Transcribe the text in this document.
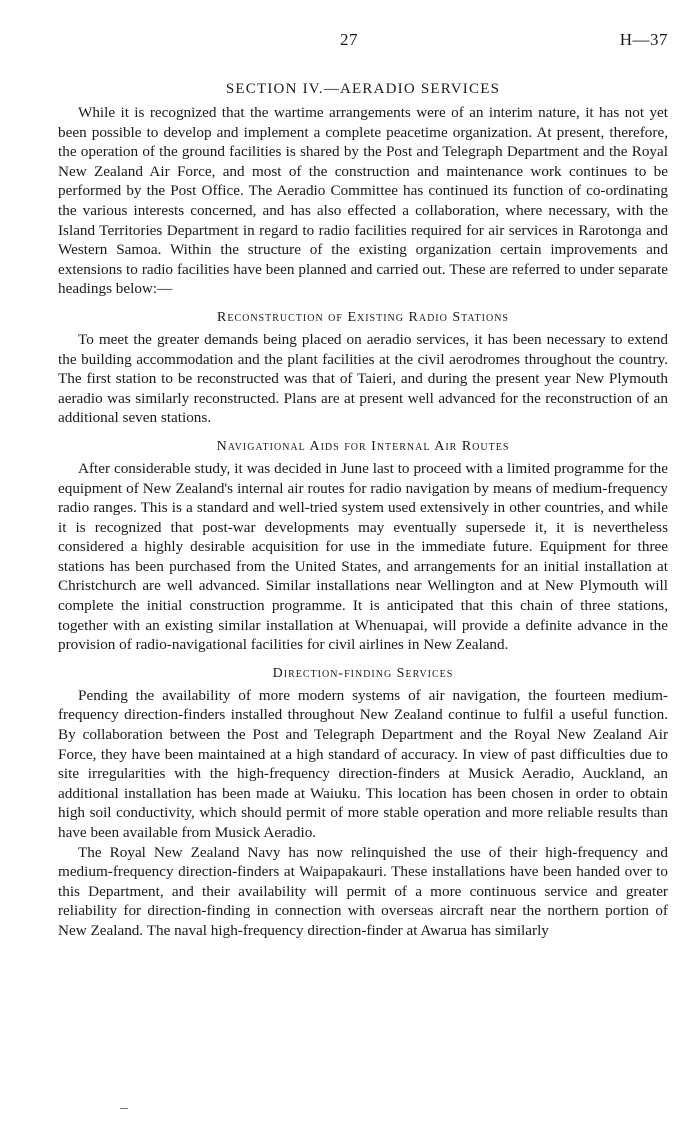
27	H—37
SECTION IV.—AERADIO SERVICES

While it is recognized that the wartime arrangements were of an interim nature, it has not yet been possible to develop and implement a complete peacetime organization. At present, therefore, the operation of the ground facilities is shared by the Post and Telegraph Department and the Royal New Zealand Air Force, and most of the construction and maintenance work continues to be performed by the Post Office. The Aeradio Committee has continued its function of co-ordinating the various interests concerned, and has also effected a collaboration, where necessary, with the Island Territories Department in regard to radio facilities required for air services in Rarotonga and Western Samoa. Within the structure of the existing organization certain improvements and extensions to radio facilities have been planned and carried out. These are referred to under separate headings below:—

Reconstruction of Existing Radio Stations

To meet the greater demands being placed on aeradio services, it has been necessary to extend the building accommodation and the plant facilities at the civil aerodromes throughout the country. The first station to be reconstructed was that of Taieri, and during the present year New Plymouth aeradio was similarly reconstructed. Plans are at present well advanced for the reconstruction of an additional seven stations.

Navigational Aids for Internal Air Routes

After considerable study, it was decided in June last to proceed with a limited programme for the equipment of New Zealand's internal air routes for radio navigation by means of medium-frequency radio ranges. This is a standard and well-tried system used extensively in other countries, and while it is recognized that post-war developments may eventually supersede it, it is nevertheless considered a highly desirable acquisition for use in the immediate future. Equipment for three stations has been purchased from the United States, and arrangements for an initial installation at Christchurch are well advanced. Similar installations near Wellington and at New Plymouth will complete the initial construction programme. It is anticipated that this chain of three stations, together with an existing similar installation at Whenuapai, will provide a definite advance in the provision of radio-navigational facilities for civil airlines in New Zealand.

Direction-finding Services

Pending the availability of more modern systems of air navigation, the fourteen medium-frequency direction-finders installed throughout New Zealand continue to fulfil a useful function. By collaboration between the Post and Telegraph Department and the Royal New Zealand Air Force, they have been maintained at a high standard of accuracy. In view of past difficulties due to site irregularities with the high-frequency direction-finders at Musick Aeradio, Auckland, an additional installation has been made at Waiuku. This location has been chosen in order to obtain high soil conductivity, which should permit of more stable operation and more reliable results than have been available from Musick Aeradio.

The Royal New Zealand Navy has now relinquished the use of their high-frequency and medium-frequency direction-finders at Waipapakauri. These installations have been handed over to this Department, and their availability will permit of a more continuous service and greater reliability for direction-finding in connection with overseas aircraft near the northern portion of New Zealand. The naval high-frequency direction-finder at Awarua has similarly
